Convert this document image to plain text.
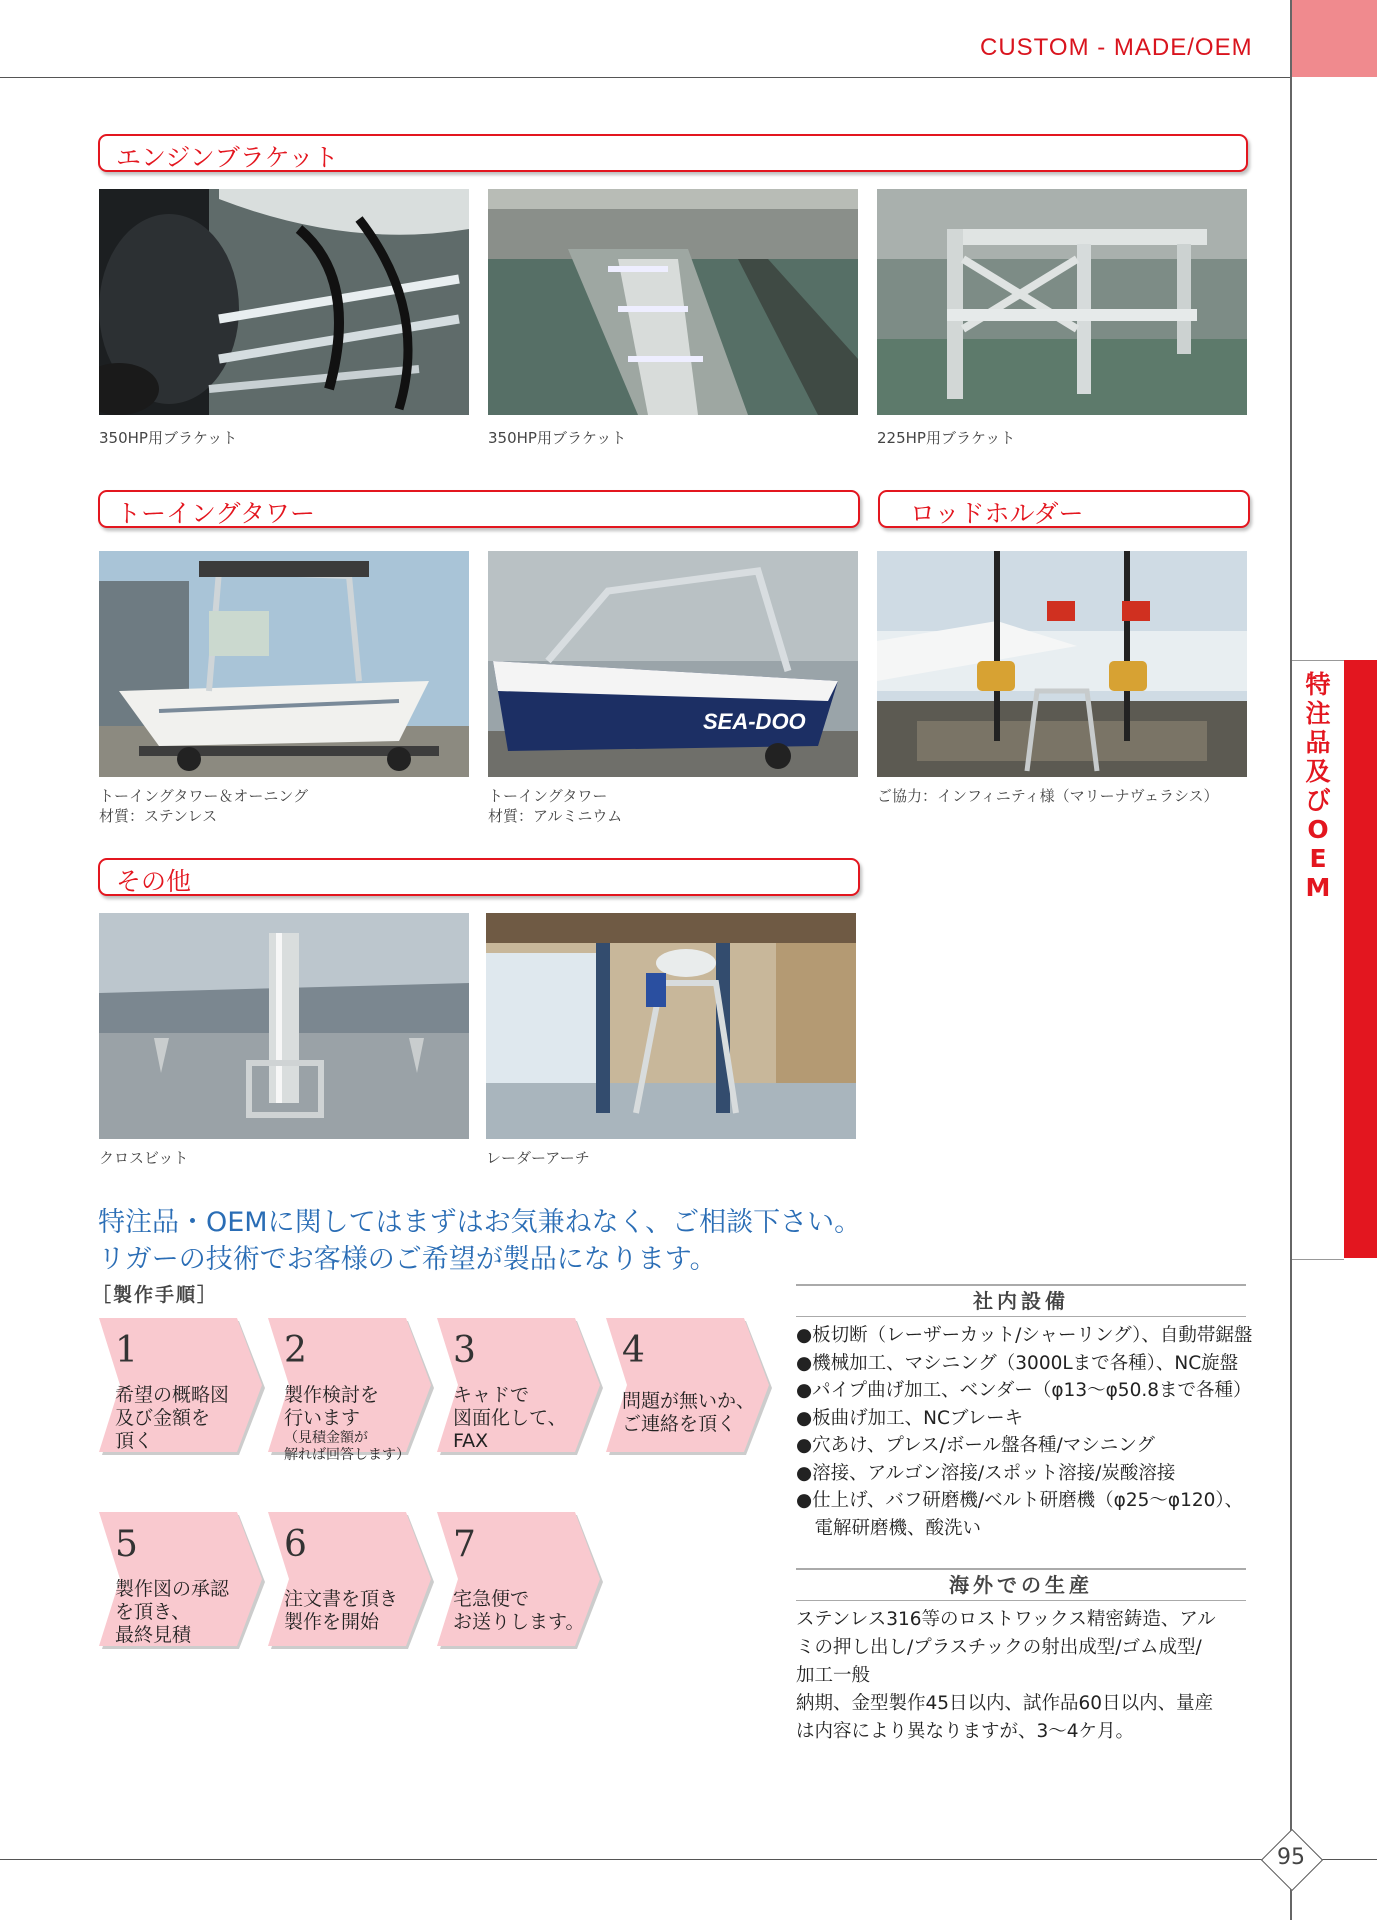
CUSTOM - MADE/OEM
特
注
品
及
び
O
E
M
95
エンジンブラケット
350HP用ブラケット	350HP用ブラケット	225HP用ブラケット
トーイングタワー	ロッドホルダー
SEA-DOO
トーイングタワー＆オーニング
材質：ステンレス
トーイングタワー
材質：アルミニウム
ご協力：インフィニティ様（マリーナヴェラシス）
その他
クロスビット	レーダーアーチ
特注品・OEMに関してはまずはお気兼ねなく、ご相談下さい。
リガーの技術でお客様のご希望が製品になります。
［製作手順］
1
希望の概略図
及び金額を
頂く
2
製作検討を
行います
（見積金額が
解れば回答します）
3
キャドで
図面化して、
FAX
4
問題が無いか、
ご連絡を頂く
5
製作図の承認
を頂き、
最終見積
6
注文書を頂き
製作を開始
7
宅急便で
お送りします。
社内設備
●板切断（レーザーカット/シャーリング）、自動帯鋸盤
●機械加工、マシニング（3000Lまで各種）、NC旋盤
●パイプ曲げ加工、ベンダー（φ13〜φ50.8まで各種）
●板曲げ加工、NCブレーキ
●穴あけ、プレス/ボール盤各種/マシニング
●溶接、アルゴン溶接/スポット溶接/炭酸溶接
●仕上げ、バフ研磨機/ベルト研磨機（φ25〜φ120）、
　電解研磨機、酸洗い
海外での生産
ステンレス316等のロストワックス精密鋳造、アル
ミの押し出し/プラスチックの射出成型/ゴム成型/
加工一般
納期、金型製作45日以内、試作品60日以内、量産
は内容により異なりますが、3〜4ケ月。
